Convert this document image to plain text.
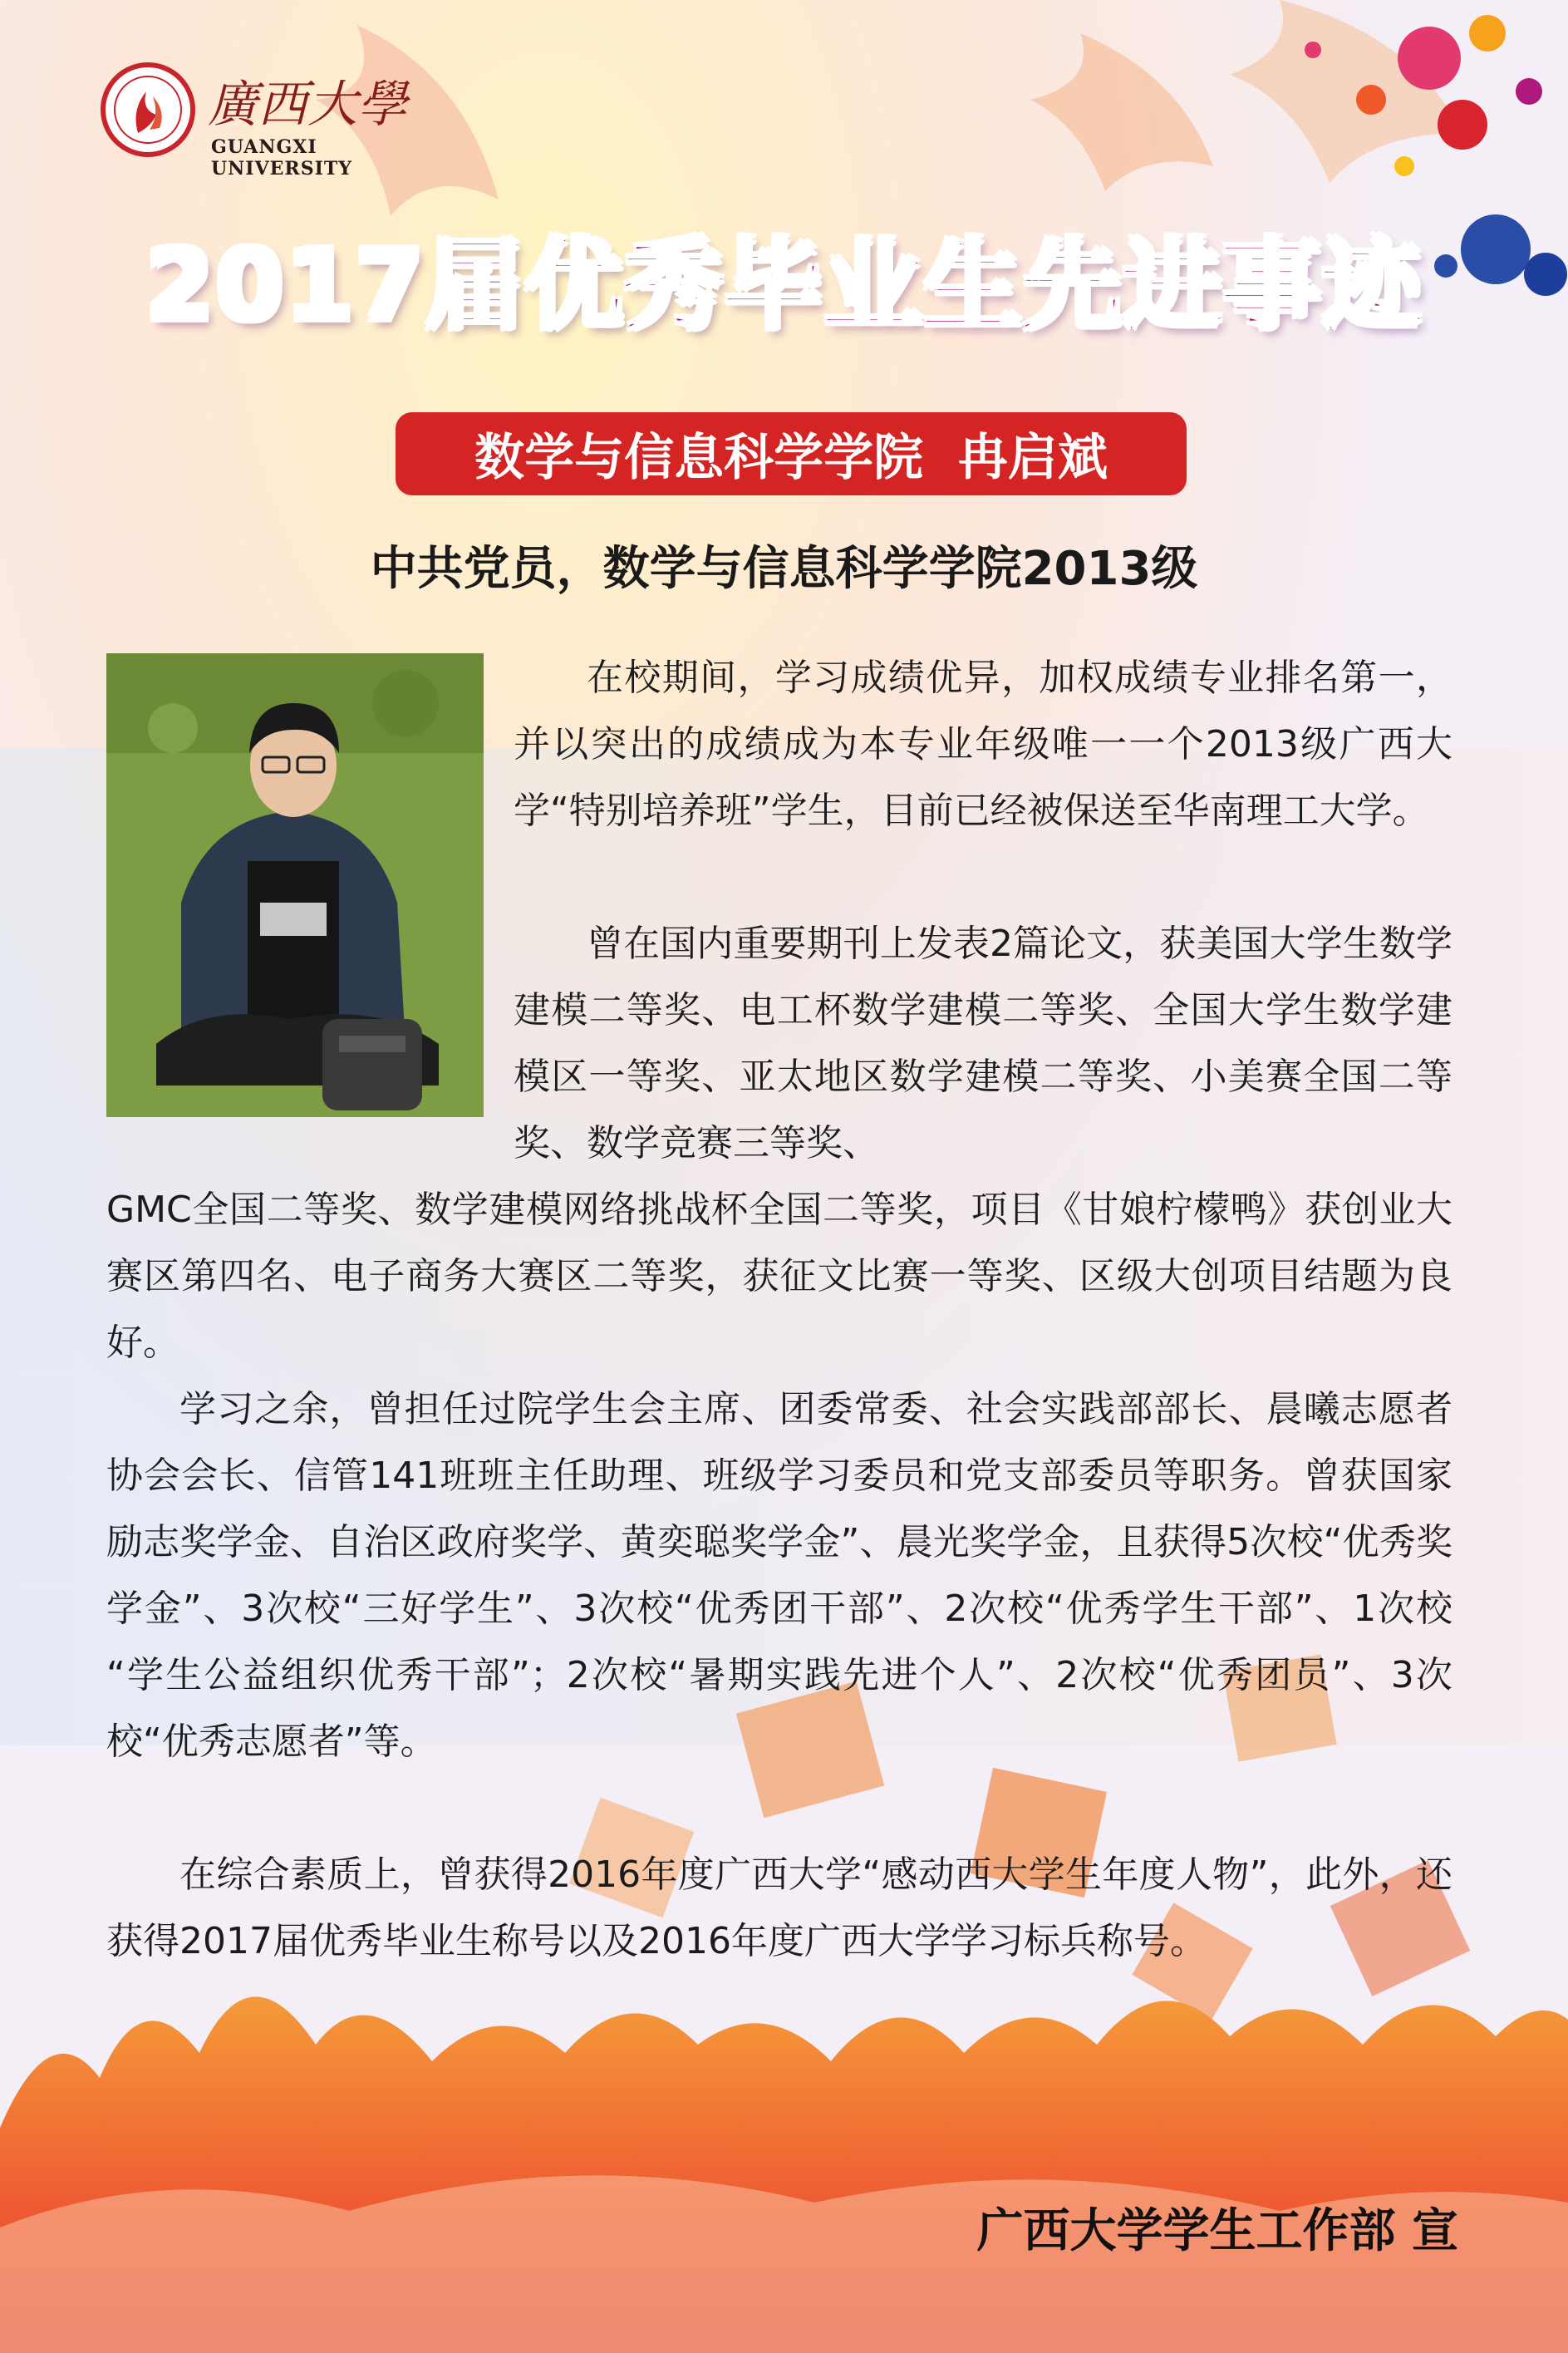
廣西大學
GUANGXI UNIVERSITY
2017届优秀毕业生先进事迹
数学与信息科学学院  冉启斌
中共党员，数学与信息科学学院2013级
在校期间，学习成绩优异，加权成绩专业排名第一，并以突出的成绩成为本专业年级唯一一个2013级广西大学“特别培养班”学生，目前已经被保送至华南理工大学。
曾在国内重要期刊上发表2篇论文，获美国大学生数学建模二等奖、电工杯数学建模二等奖、全国大学生数学建模区一等奖、亚太地区数学建模二等奖、小美赛全国二等奖、数学竞赛三等奖、
GMC全国二等奖、数学建模网络挑战杯全国二等奖，项目《甘娘柠檬鸭》获创业大赛区第四名、电子商务大赛区二等奖，获征文比赛一等奖、区级大创项目结题为良好。
学习之余，曾担任过院学生会主席、团委常委、社会实践部部长、晨曦志愿者协会会长、信管141班班主任助理、班级学习委员和党支部委员等职务。曾获国家励志奖学金、自治区政府奖学、黄奕聪奖学金”、晨光奖学金，且获得5次校“优秀奖学金”、3次校“三好学生”、3次校“优秀团干部”、2次校“优秀学生干部”、1次校 “学生公益组织优秀干部”；2次校“暑期实践先进个人”、2次校“优秀团员”、3次校“优秀志愿者”等。
在综合素质上，曾获得2016年度广西大学“感动西大学生年度人物”，此外，还获得2017届优秀毕业生称号以及2016年度广西大学学习标兵称号。
广西大学学生工作部 宣
